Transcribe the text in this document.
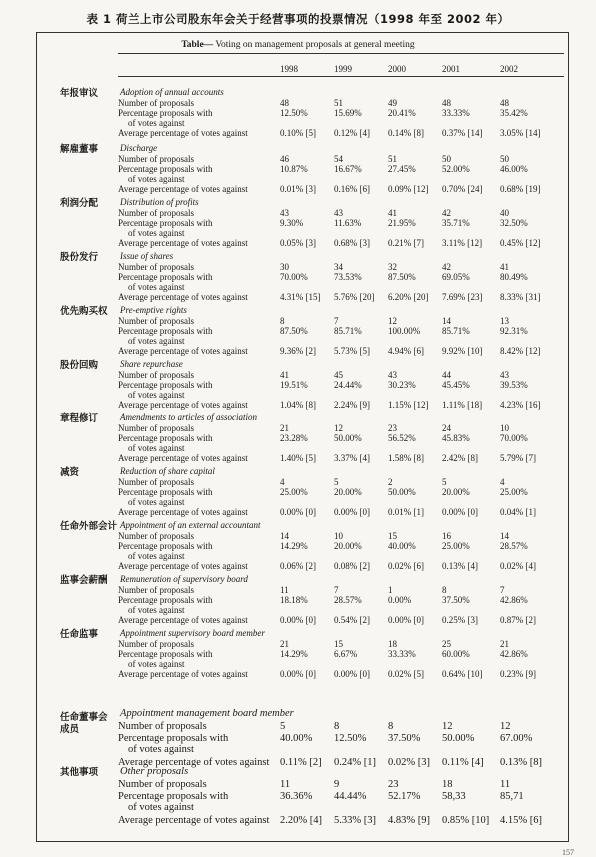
表 1 荷兰上市公司股东年会关于经营事项的投票情况（1998 年至 2002 年）
Table— Voting on management proposals at general meeting
1998	1999	2000	2001	2002
年报审议 Adoption of annual accounts
Number of proposals	48	51	49	48	48
Percentage proposals with
of votes against
12.50%	15.69%	20.41%	33.33%	35.42%
Average percentage of votes against	0.10% [5] 0.12% [4] 0.14% [8] 0.37% [14] 3.05% [14]
解雇董事 Discharge
Number of proposals	46	54	51	50	50
Percentage proposals with
of votes against
10.87%	16.67%	27.45%	52.00%	46.00%
Average percentage of votes against	0.01% [3] 0.16% [6] 0.09% [12] 0.70% [24] 0.68% [19]
利润分配 Distribution of profits
Number of proposals	43	43	41	42	40
Percentage proposals with
of votes against
9.30%	11.63%	21.95%	35.71%	32.50%
Average percentage of votes against	0.05% [3] 0.68% [3] 0.21% [7] 3.11% [12] 0.45% [12]
股份发行 Issue of shares
Number of proposals	30	34	32	42	41
Percentage proposals with
of votes against
70.00%	73.53%	87.50%	69.05%	80.49%
Average percentage of votes against	4.31% [15] 5.76% [20] 6.20% [20] 7.69% [23] 8.33% [31]
优先购买权 Pre-emptive rights
Number of proposals	8	7	12	14	13
Percentage proposals with
of votes against
87.50%	85.71%	100.00% 85.71%	92.31%
Average percentage of votes against	9.36% [2] 5.73% [5] 4.94% [6] 9.92% [10] 8.42% [12]
股份回购 Share repurchase
Number of proposals	41	45	43	44	43
Percentage proposals with
of votes against
19.51%	24.44%	30.23%	45.45%	39.53%
Average percentage of votes against	1.04% [8] 2.24% [9] 1.15% [12] 1.11% [18] 4.23% [16]
章程修订 Amendments to articles of association
Number of proposals	21	12	23	24	10
Percentage proposals with
of votes against
23.28%	50.00%	56.52%	45.83%	70.00%
Average percentage of votes against	1.40% [5] 3.37% [4] 1.58% [8] 2.42% [8] 5.79% [7]
减资	Reduction of share capital
Number of proposals	4	5	2	5	4
Percentage proposals with
of votes against
25.00%	20.00%	50.00%	20.00%	25.00%
Average percentage of votes against	0.00% [0] 0.00% [0] 0.01% [1] 0.00% [0] 0.04% [1]
任命外部会计 Appointment of an external accountant
Number of proposals	14	10	15	16	14
Percentage proposals with
of votes against
14.29%	20.00%	40.00%	25.00%	28.57%
Average percentage of votes against	0.06% [2] 0.08% [2] 0.02% [6] 0.13% [4] 0.02% [4]
监事会薪酬 Remuneration of supervisory board
Number of proposals	11	7	1	8	7
Percentage proposals with
of votes against
18.18%	28.57%	0.00%	37.50%	42.86%
Average percentage of votes against	0.00% [0] 0.54% [2] 0.00% [0] 0.25% [3] 0.87% [2]
任命监事 Appointment supervisory board member
Number of proposals	21	15	18	25	21
Percentage proposals with
of votes against
14.29%	6.67%	33.33%	60.00%	42.86%
Average percentage of votes against	0.00% [0] 0.00% [0] 0.02% [5] 0.64% [10] 0.23% [9]
任命董事会
成员
Appointment management board member
Number of proposals	5	8	8	12	12
Percentage proposals with
of votes against
40.00% 12.50% 37.50% 50.00% 67.00%
Average percentage of votes against 0.11% [2] 0.24% [1] 0.02% [3] 0.11% [4] 0.13% [8]
其他事项 Other proposals
Number of proposals	11	9	23	18	11
Percentage proposals with
of votes against
36.36% 44.44% 52.17% 58,33	85,71
Average percentage of votes against 2.20% [4] 5.33% [3] 4.83% [9] 0.85% [10] 4.15% [6]
157
